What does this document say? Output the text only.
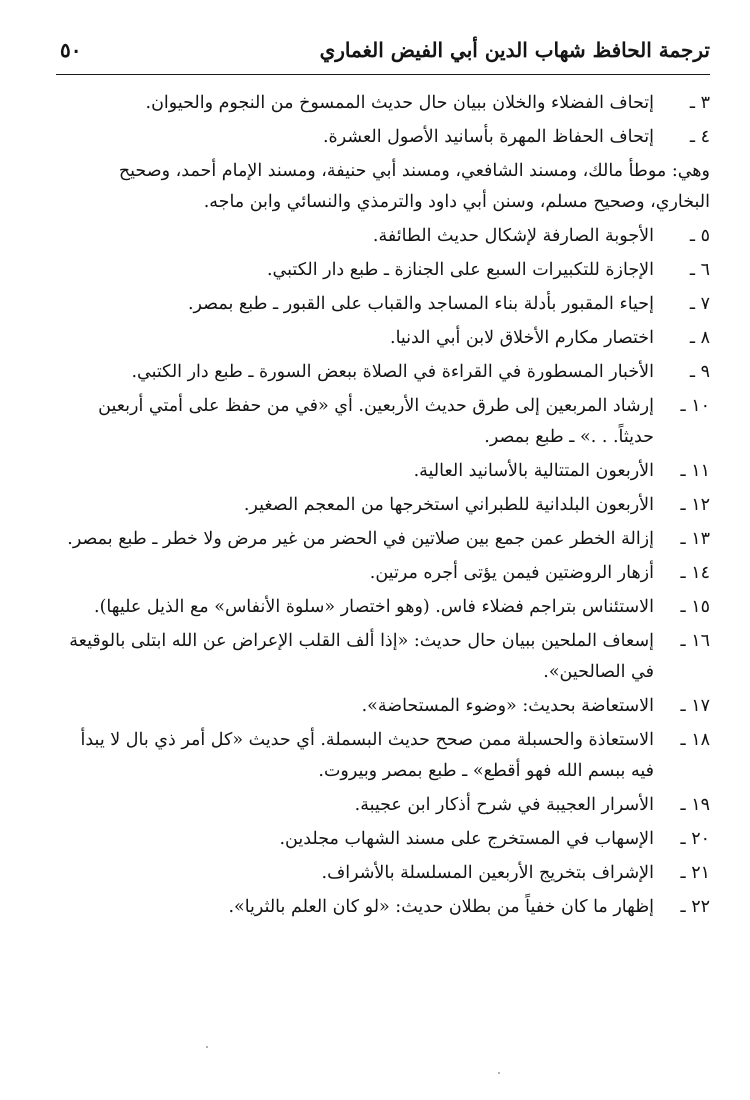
ترجمة الحافظ شهاب الدين أبي الفيض الغماري
٥٠
٣ ـ
إتحاف الفضلاء والخلان ببيان حال حديث الممسوخ من النجوم والحيوان.
٤ ـ
إتحاف الحفاظ المهرة بأسانيد الأصول العشرة.
وهي: موطأ مالك، ومسند الشافعي، ومسند أبي حنيفة، ومسند الإمام أحمد، وصحيح البخاري، وصحيح مسلم، وسنن أبي داود والترمذي والنسائي وابن ماجه.
٥ ـ
الأجوبة الصارفة لإشكال حديث الطائفة.
٦ ـ
الإجازة للتكبيرات السبع على الجنازة ـ طبع دار الكتبي.
٧ ـ
إحياء المقبور بأدلة بناء المساجد والقباب على القبور ـ طبع بمصر.
٨ ـ
اختصار مكارم الأخلاق لابن أبي الدنيا.
٩ ـ
الأخبار المسطورة في القراءة في الصلاة ببعض السورة ـ طبع دار الكتبي.
١٠ ـ
إرشاد المربعين إلى طرق حديث الأربعين. أي «في من حفظ على أمتي أربعين حديثاً. . .» ـ طبع بمصر.
١١ ـ
الأربعون المتتالية بالأسانيد العالية.
١٢ ـ
الأربعون البلدانية للطبراني استخرجها من المعجم الصغير.
١٣ ـ
إزالة الخطر عمن جمع بين صلاتين في الحضر من غير مرض ولا خطر ـ طبع بمصر.
١٤ ـ
أزهار الروضتين فيمن يؤتى أجره مرتين.
١٥ ـ
الاستئناس بتراجم فضلاء فاس. (وهو اختصار «سلوة الأنفاس» مع الذيل عليها).
١٦ ـ
إسعاف الملحين ببيان حال حديث: «إذا ألف القلب الإعراض عن الله ابتلى بالوقيعة في الصالحين».
١٧ ـ
الاستعاضة بحديث: «وضوء المستحاضة».
١٨ ـ
الاستعاذة والحسبلة ممن صحح حديث البسملة. أي حديث «كل أمر ذي بال لا يبدأ فيه ببسم الله فهو أقطع» ـ طبع بمصر وبيروت.
١٩ ـ
الأسرار العجيبة في شرح أذكار ابن عجيبة.
٢٠ ـ
الإسهاب في المستخرج على مسند الشهاب مجلدين.
٢١ ـ
الإشراف بتخريج الأربعين المسلسلة بالأشراف.
٢٢ ـ
إظهار ما كان خفياً من بطلان حديث: «لو كان العلم بالثريا».
